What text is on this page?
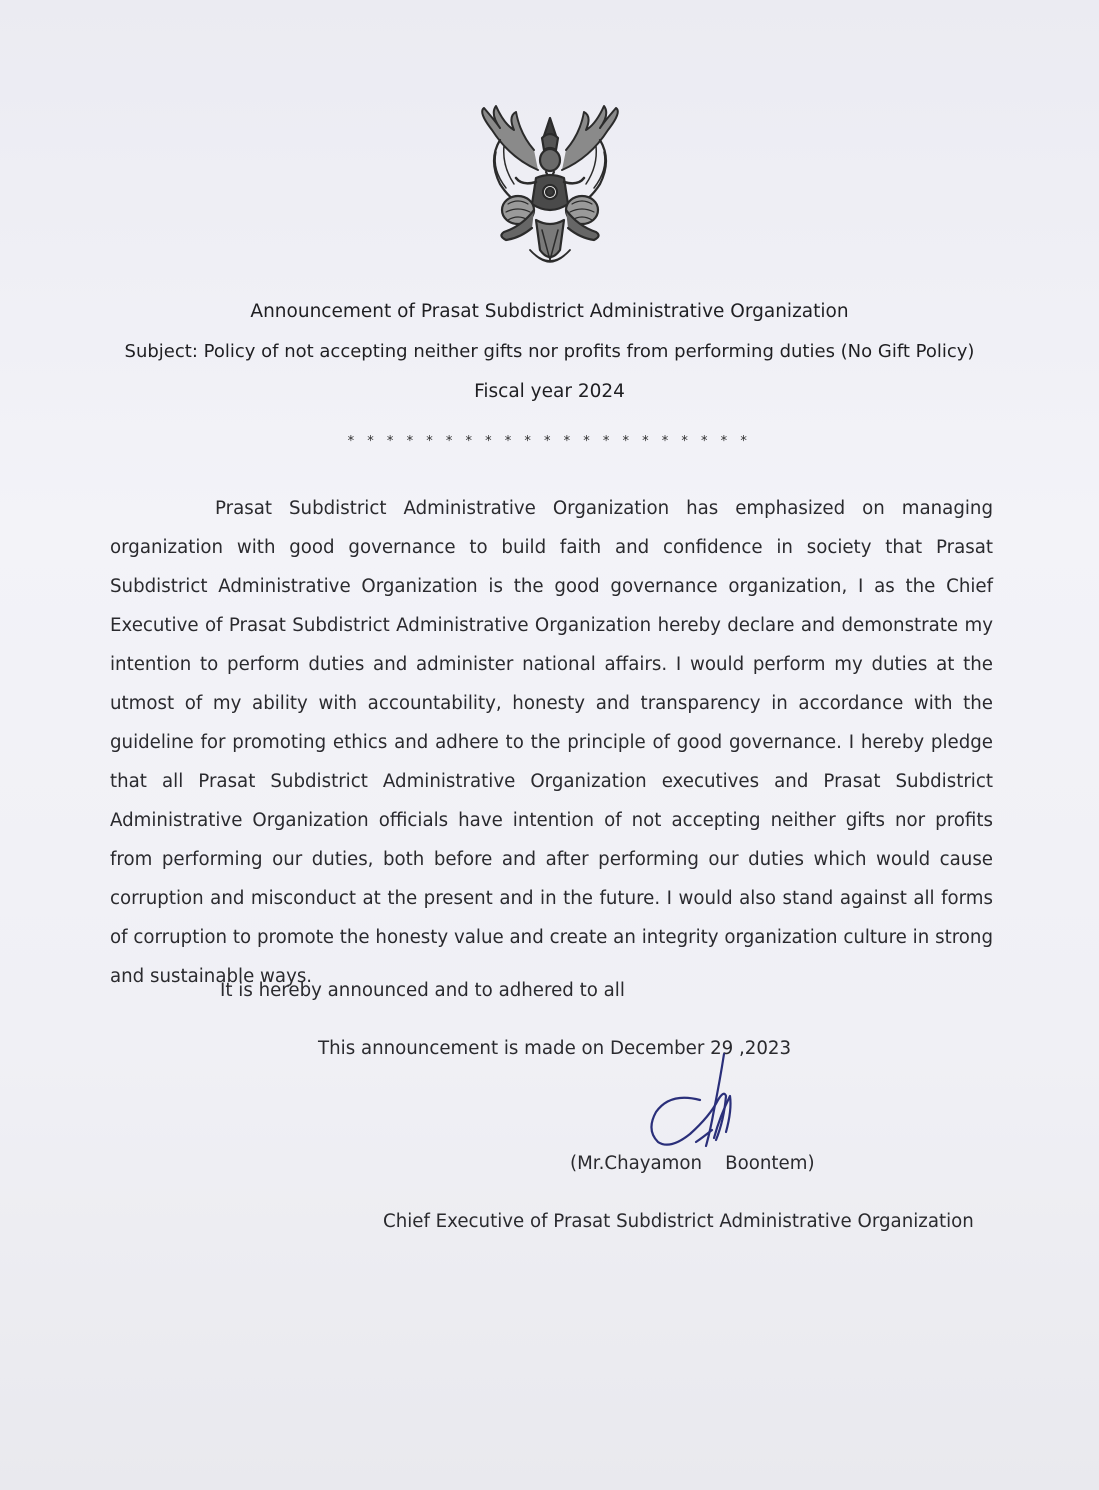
Announcement of Prasat Subdistrict Administrative Organization
Subject: Policy of not accepting neither gifts nor profits from performing duties (No Gift Policy)
Fiscal year 2024
* * * * * * * * * * * * * * * * * * * * *

Prasat Subdistrict Administrative Organization has emphasized on managing organization with good governance to build faith and confidence in society that Prasat Subdistrict Administrative Organization is the good governance organization, I as the Chief Executive of Prasat Subdistrict Administrative Organization hereby declare and demonstrate my intention to perform duties and administer national affairs. I would perform my duties at the utmost of my ability with accountability, honesty and transparency in accordance with the guideline for promoting ethics and adhere to the principle of good governance. I hereby pledge that all Prasat Subdistrict Administrative Organization executives and Prasat Subdistrict Administrative Organization officials have intention of not accepting neither gifts nor profits from performing our duties, both before and after performing our duties which would cause corruption and misconduct at the present and in the future. I would also stand against all forms of corruption to promote the honesty value and create an integrity organization culture in strong and sustainable ways.

It is hereby announced and to adhered to all
This announcement is made on December 29 ,2023
(Mr.Chayamon    Boontem)
Chief Executive of Prasat Subdistrict Administrative Organization
